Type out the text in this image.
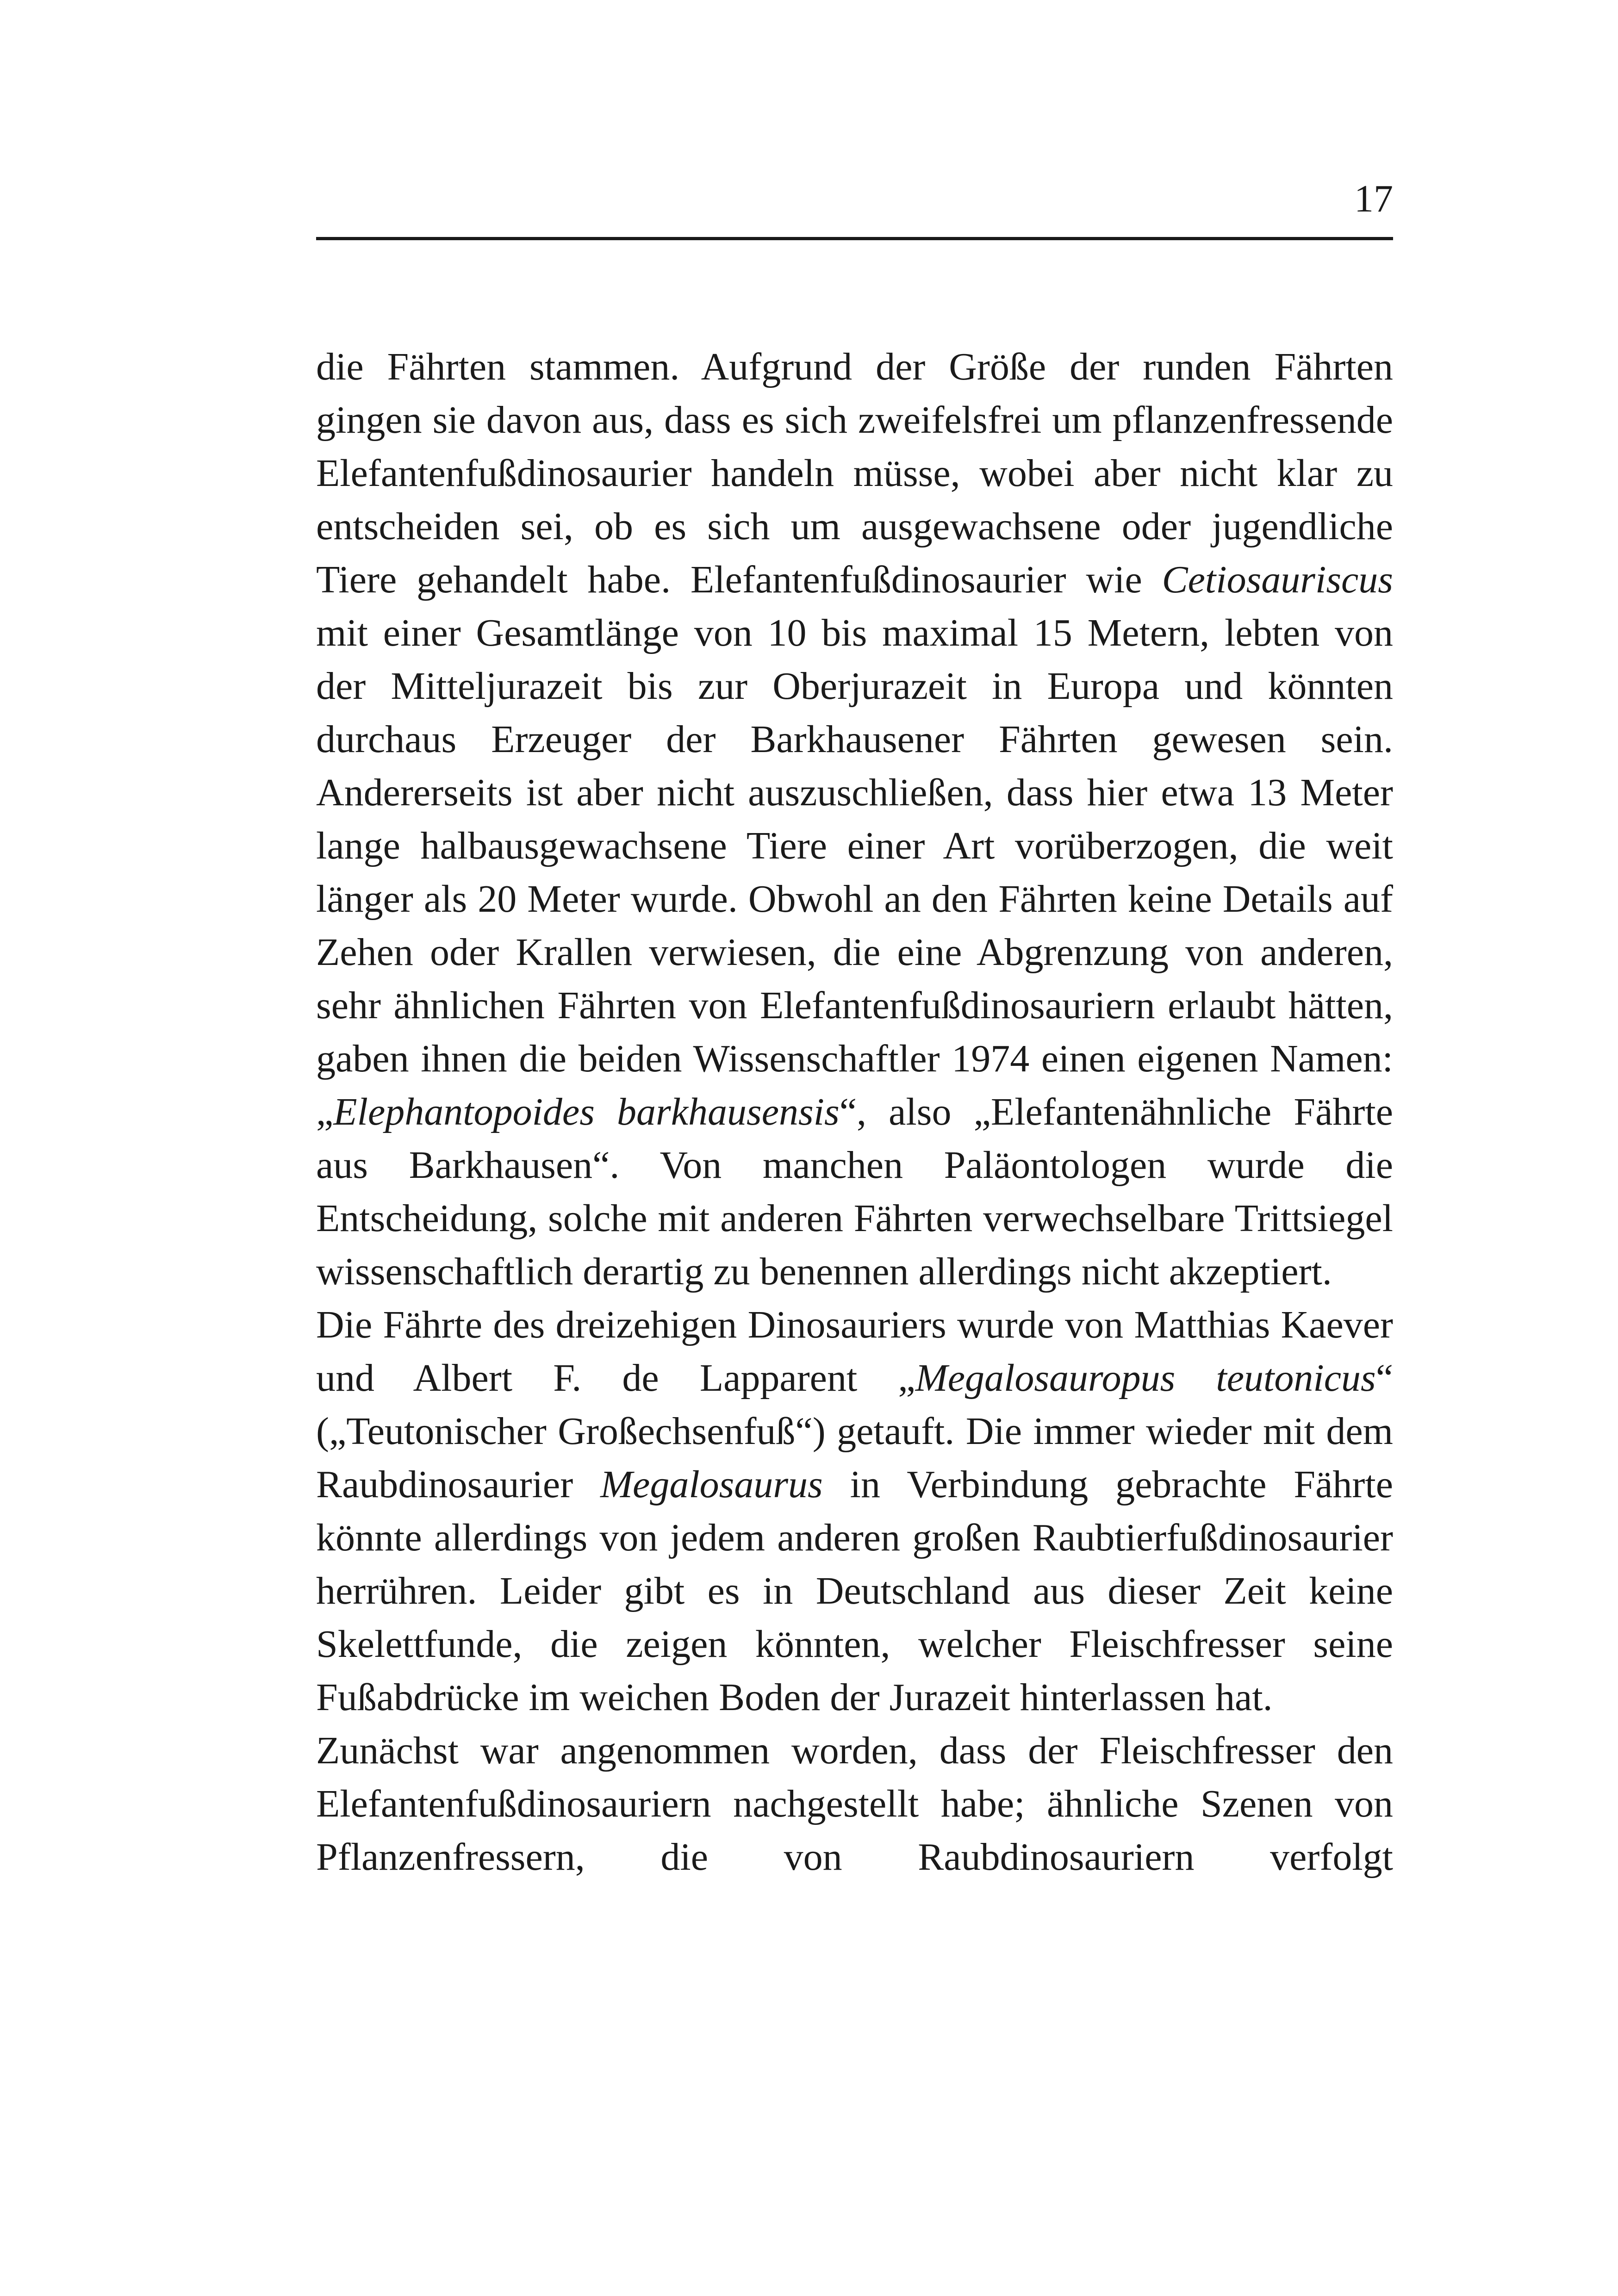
17

die Fährten stammen. Aufgrund der Größe der runden Fährten gingen sie davon aus, dass es sich zweifelsfrei um pflanzenfressende Elefantenfußdinosaurier handeln müsse, wobei aber nicht klar zu entscheiden sei, ob es sich um ausgewachsene oder jugendliche Tiere gehandelt habe. Elefantenfußdinosaurier wie Cetiosauriscus mit einer Gesamtlänge von 10 bis maximal 15 Metern, lebten von der Mitteljurazeit bis zur Oberjurazeit in Europa und könnten durchaus Erzeuger der Barkhausener Fährten gewesen sein. Andererseits ist aber nicht auszuschließen, dass hier etwa 13 Meter lange halbausgewachsene Tiere einer Art vorüberzogen, die weit länger als 20 Meter wurde. Obwohl an den Fährten keine Details auf Zehen oder Krallen verwiesen, die eine Abgrenzung von anderen, sehr ähnlichen Fährten von Elefantenfußdinosauriern erlaubt hätten, gaben ihnen die beiden Wissenschaftler 1974 einen eigenen Namen: „Elephantopoides barkhausensis“, also „Elefantenähnliche Fährte aus Barkhausen“. Von manchen Paläontologen wurde die Entscheidung, solche mit anderen Fährten verwechselbare Trittsiegel wissenschaftlich derartig zu benennen allerdings nicht akzeptiert.

Die Fährte des dreizehigen Dinosauriers wurde von Matthias Kaever und Albert F. de Lapparent „Megalosauropus teutonicus“ („Teutonischer Großechsenfuß“) getauft. Die immer wieder mit dem Raubdinosaurier Megalosaurus in Verbindung gebrachte Fährte könnte allerdings von jedem anderen großen Raubtierfußdinosaurier herrühren. Leider gibt es in Deutschland aus dieser Zeit keine Skelettfunde, die zeigen könnten, welcher Fleischfresser seine Fußabdrücke im weichen Boden der Jurazeit hinterlassen hat.

Zunächst war angenommen worden, dass der Fleischfresser den Elefantenfußdinosauriern nachgestellt habe; ähnliche Szenen von Pflanzenfressern, die von Raubdinosauriern verfolgt
